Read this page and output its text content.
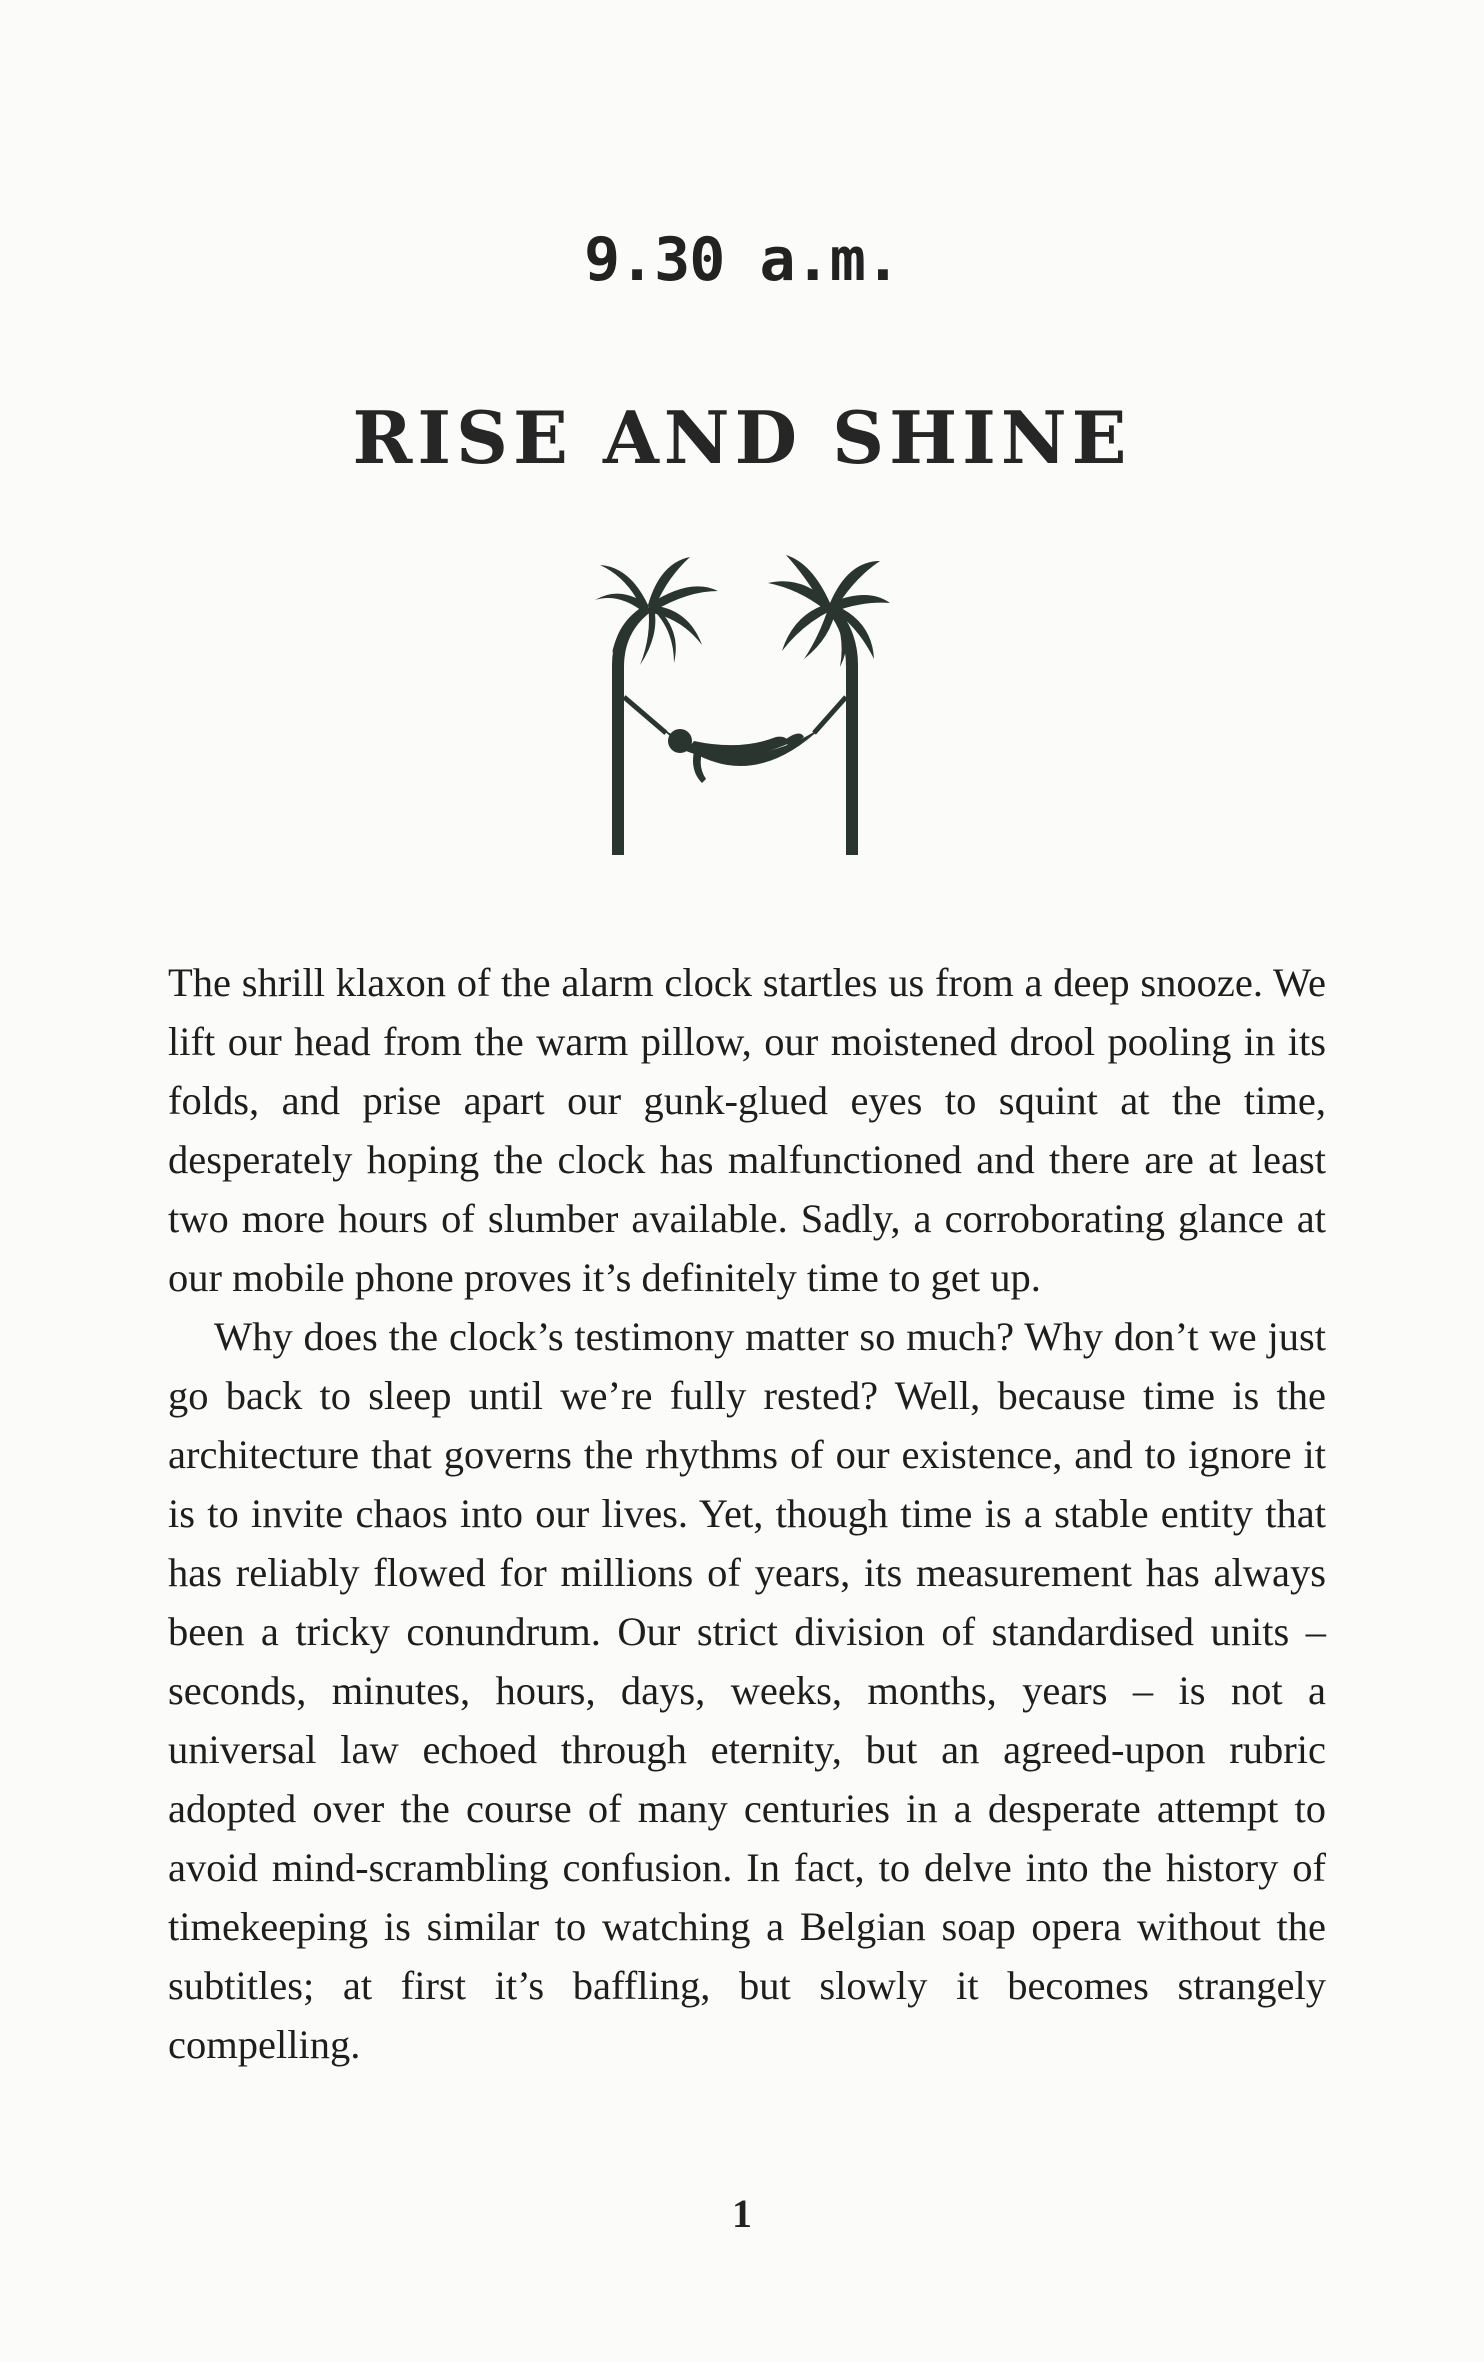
9.30 a.m.
RISE AND SHINE

The shrill klaxon of the alarm clock startles us from a deep snooze. We lift our head from the warm pillow, our moistened drool pooling in its folds, and prise apart our gunk-glued eyes to squint at the time, desperately hoping the clock has malfunctioned and there are at least two more hours of slumber available. Sadly, a corroborating glance at our mobile phone proves it’s definitely time to get up.

Why does the clock’s testimony matter so much? Why don’t we just go back to sleep until we’re fully rested? Well, because time is the architecture that governs the rhythms of our existence, and to ignore it is to invite chaos into our lives. Yet, though time is a stable entity that has reliably flowed for millions of years, its measurement has always been a tricky conundrum. Our strict division of standardised units – seconds, minutes, hours, days, weeks, months, years – is not a universal law echoed through eternity, but an agreed-upon rubric adopted over the course of many centuries in a desperate attempt to avoid mind-scrambling confusion. In fact, to delve into the history of timekeeping is similar to watching a Belgian soap opera without the subtitles; at first it’s baffling, but slowly it becomes strangely compelling.

1
